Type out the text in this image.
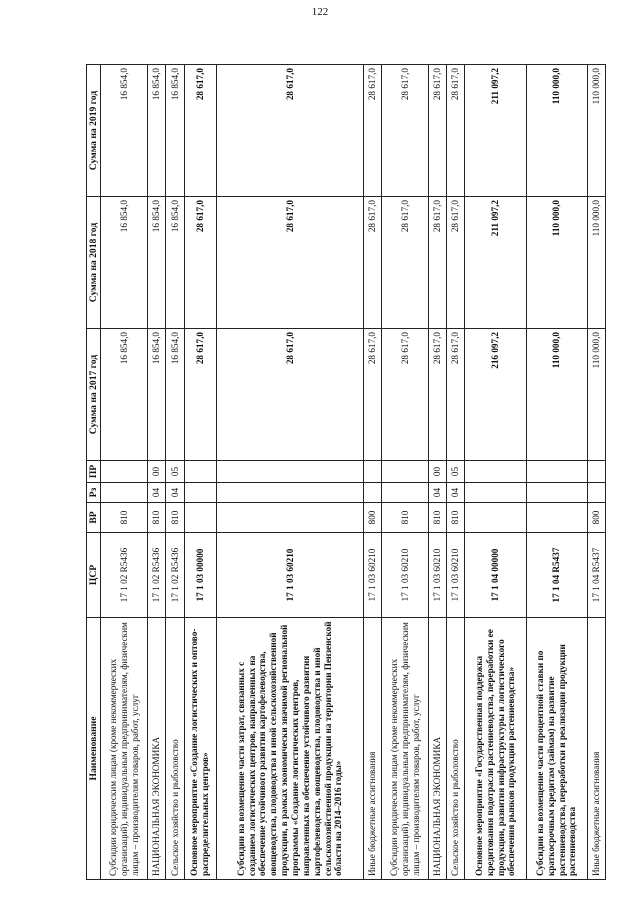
122
Наименование	ЦСР	ВР	Рз	ПР	Сумма на 2017 год	Сумма на 2018 год	Сумма на 2019 год
Субсидии юридическим лицам (кроме некоммерческих организаций), индивидуальным предпринимателям, физическим лицам – производителям товаров, работ, услуг	17 1 02 R5436	810			16 854,0	16 854,0	16 854,0
НАЦИОНАЛЬНАЯ ЭКОНОМИКА	17 1 02 R5436	810	04	00	16 854,0	16 854,0	16 854,0
Сельское хозяйство и рыболовство	17 1 02 R5436	810	04	05	16 854,0	16 854,0	16 854,0
Основное мероприятие «Создание логистических и оптово-распределительных центров»	17 1 03 00000				28 617,0	28 617,0	28 617,0
Субсидии на возмещение части затрат, связанных с созданием логистических центров, направленных на обеспечение устойчивого развития картофелеводства, овощеводства, плодоводства и иной сельскохозяйственной продукции, в рамках экономически значимой региональной программы «Создание логистических центров, направленных на обеспечение устойчивого развития картофелеводства, овощеводства, плодоводства и иной сельскохозяйственной продукции на территории Пензенской области на 2014–2016 годы»	17 1 03 60210				28 617,0	28 617,0	28 617,0
Иные бюджетные ассигнования	17 1 03 60210	800			28 617,0	28 617,0	28 617,0
Субсидии юридическим лицам (кроме некоммерческих организаций), индивидуальным предпринимателям, физическим лицам – производителям товаров, работ, услуг	17 1 03 60210	810			28 617,0	28 617,0	28 617,0
НАЦИОНАЛЬНАЯ ЭКОНОМИКА	17 1 03 60210	810	04	00	28 617,0	28 617,0	28 617,0
Сельское хозяйство и рыболовство	17 1 03 60210	810	04	05	28 617,0	28 617,0	28 617,0
Основное мероприятие «Государственная поддержка кредитования подотрасли растениеводства, переработки ее продукции, развития инфраструктуры и логистического обеспечения рынков продукции растениеводства»	17 1 04 00000				216 097,2	211 097,2	211 097,2
Субсидии на возмещение части процентной ставки по краткосрочным кредитам (займам) на развитие растениеводства, переработки и реализации продукции растениеводства	17 1 04 R5437				110 000,0	110 000,0	110 000,0
Иные бюджетные ассигнования	17 1 04 R5437	800			110 000,0	110 000,0	110 000,0
